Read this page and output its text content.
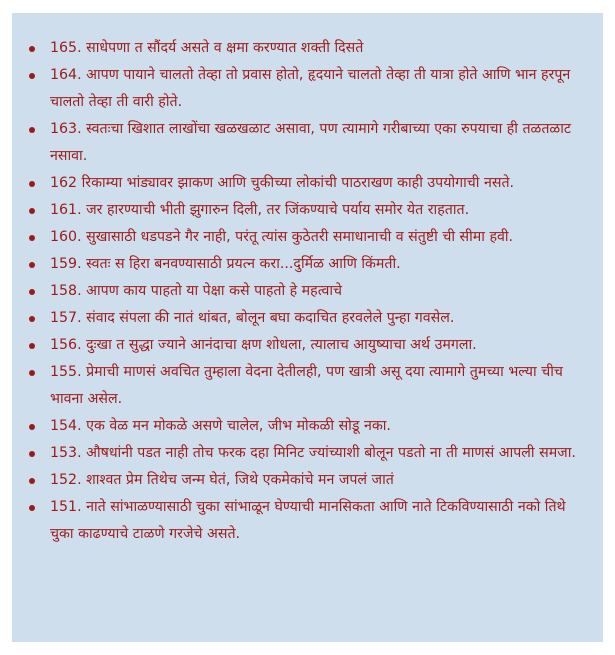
165. साधेपणा त सौंदर्य असते व क्षमा करण्यात शक्ती दिसते
164. आपण पायाने चालतो तेव्हा तो प्रवास होतो, हृदयाने चालतो तेव्हा ती यात्रा होते आणि भान हरपून चालतो तेव्हा ती वारी होते.
163. स्वतःचा खिशात लाखोंचा खळखळाट असावा, पण त्यामागे गरीबाच्या एका रुपयाचा ही तळतळाट नसावा.
162 रिकाम्या भांड्यावर झाकण आणि चुकीच्या लोकांची पाठराखण काही उपयोगाची नसते.
161. जर हारण्याची भीती झुगारुन दिली, तर जिंकण्याचे पर्याय समोर येत राहतात.
160. सुखासाठी धडपडने गैर नाही, परंतू त्यांस कुठेतरी समाधानाची व संतुष्टी ची सीमा हवी.
159. स्वतः स हिरा बनवण्यासाठी प्रयत्न करा...दुर्मिळ आणि किंमती.
158. आपण काय पाहतो या पेक्षा कसे पाहतो हे महत्वाचे
157. संवाद संपला की नातं थांबत, बोलून बघा कदाचित हरवलेले पुन्हा गवसेल.
156. दुःखा त सुद्धा ज्याने आनंदाचा क्षण शोधला, त्यालाच आयुष्याचा अर्थ उमगला.
155. प्रेमाची माणसं अवचित तुम्हाला वेदना देतीलही, पण खात्री असू दया त्यामागे तुमच्या भल्या चीच भावना असेल.
154. एक वेळ मन मोकळे असणे चालेल, जीभ मोकळी सोडू नका.
153. औषधांनी पडत नाही तोच फरक दहा मिनिट ज्यांच्याशी बोलून पडतो ना ती माणसं आपली समजा.
152. शाश्वत प्रेम तिथेच जन्म घेतं, जिथे एकमेकांचे मन जपलं जातं
151. नाते सांभाळण्यासाठी चुका सांभाळून घेण्याची मानसिकता आणि नाते टिकविण्यासाठी नको तिथे चुका काढण्याचे टाळणे गरजेचे असते.
